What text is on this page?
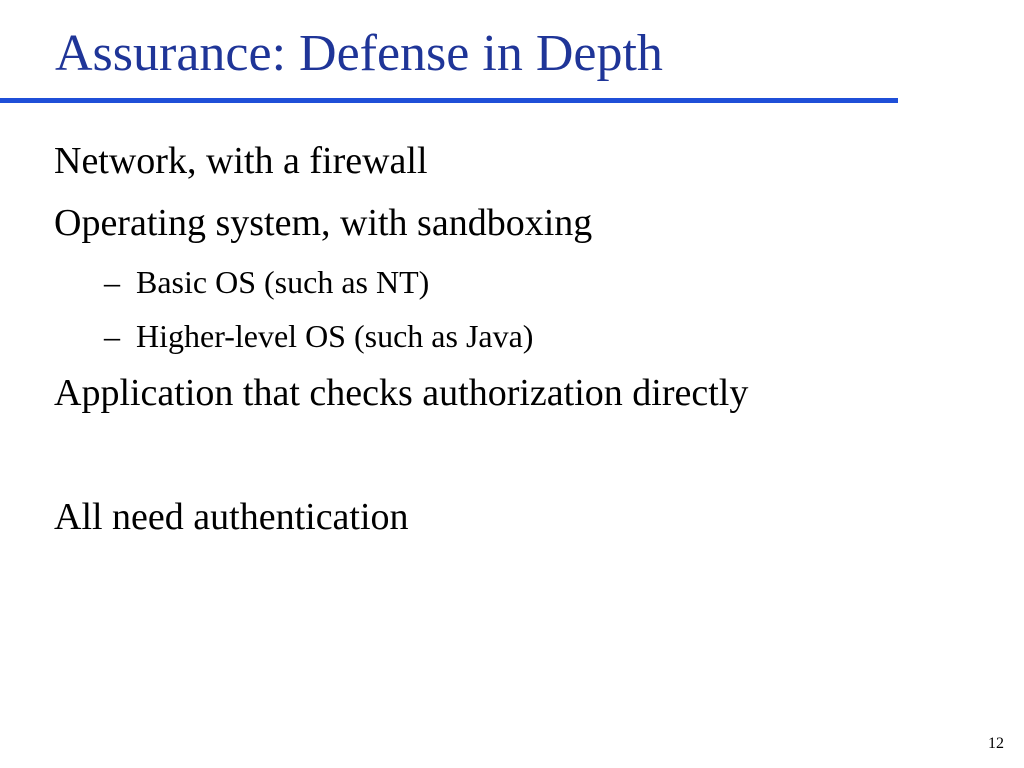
Assurance: Defense in Depth
Network, with a firewall
Operating system, with sandboxing
– Basic OS (such as NT)
– Higher-level OS (such as Java)
Application that checks authorization directly
All need authentication
12
